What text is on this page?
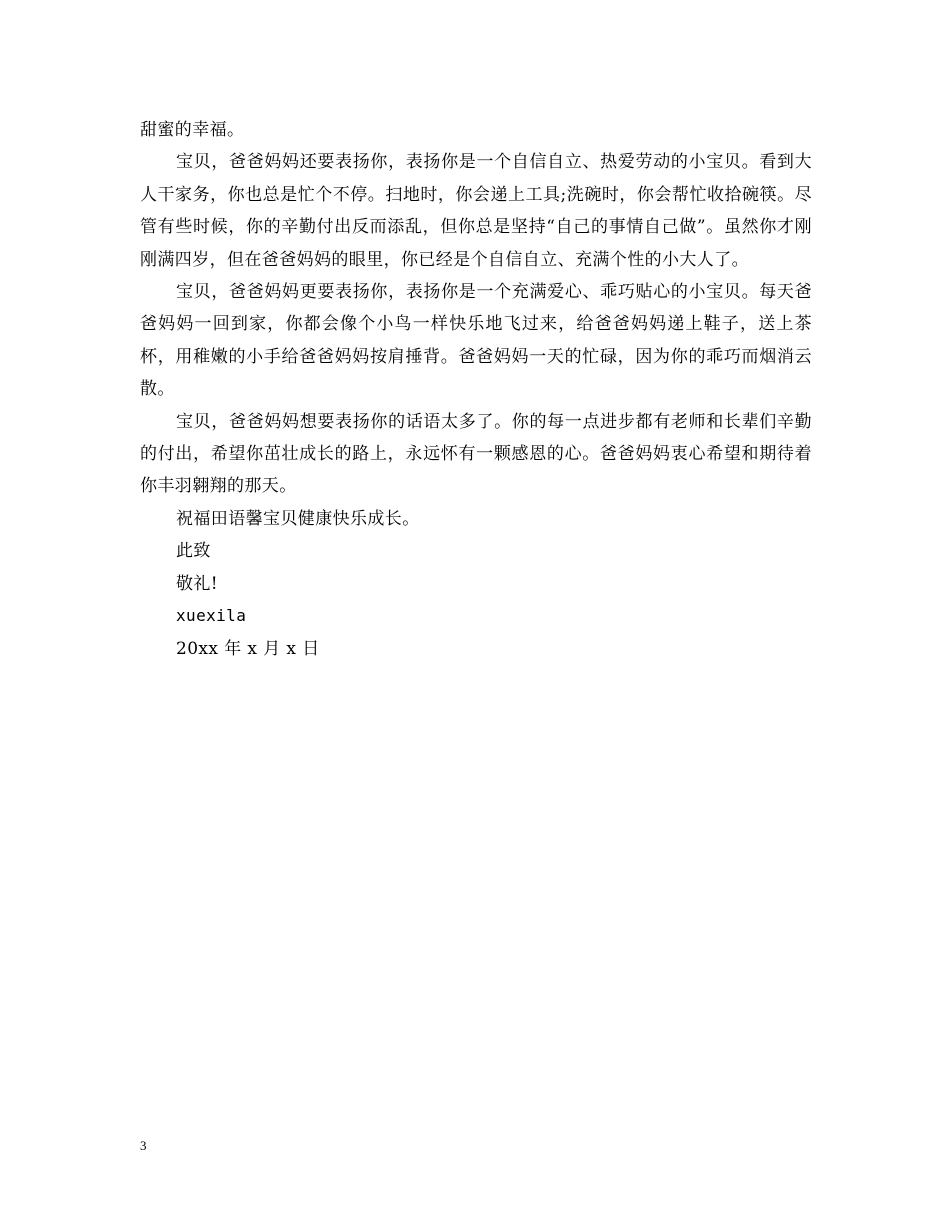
甜蜜的幸福。

宝贝，爸爸妈妈还要表扬你，表扬你是一个自信自立、热爱劳动的小宝贝。看到大人干家务，你也总是忙个不停。扫地时，你会递上工具;洗碗时，你会帮忙收拾碗筷。尽管有些时候，你的辛勤付出反而添乱，但你总是坚持“自己的事情自己做”。虽然你才刚刚满四岁，但在爸爸妈妈的眼里，你已经是个自信自立、充满个性的小大人了。

宝贝，爸爸妈妈更要表扬你，表扬你是一个充满爱心、乖巧贴心的小宝贝。每天爸爸妈妈一回到家，你都会像个小鸟一样快乐地飞过来，给爸爸妈妈递上鞋子，送上茶杯，用稚嫩的小手给爸爸妈妈按肩捶背。爸爸妈妈一天的忙碌，因为你的乖巧而烟消云散。

宝贝，爸爸妈妈想要表扬你的话语太多了。你的每一点进步都有老师和长辈们辛勤的付出，希望你茁壮成长的路上，永远怀有一颗感恩的心。爸爸妈妈衷心希望和期待着你丰羽翱翔的那天。

祝福田语馨宝贝健康快乐成长。

此致

敬礼!

xuexila

20xx 年 x 月 x 日

3
